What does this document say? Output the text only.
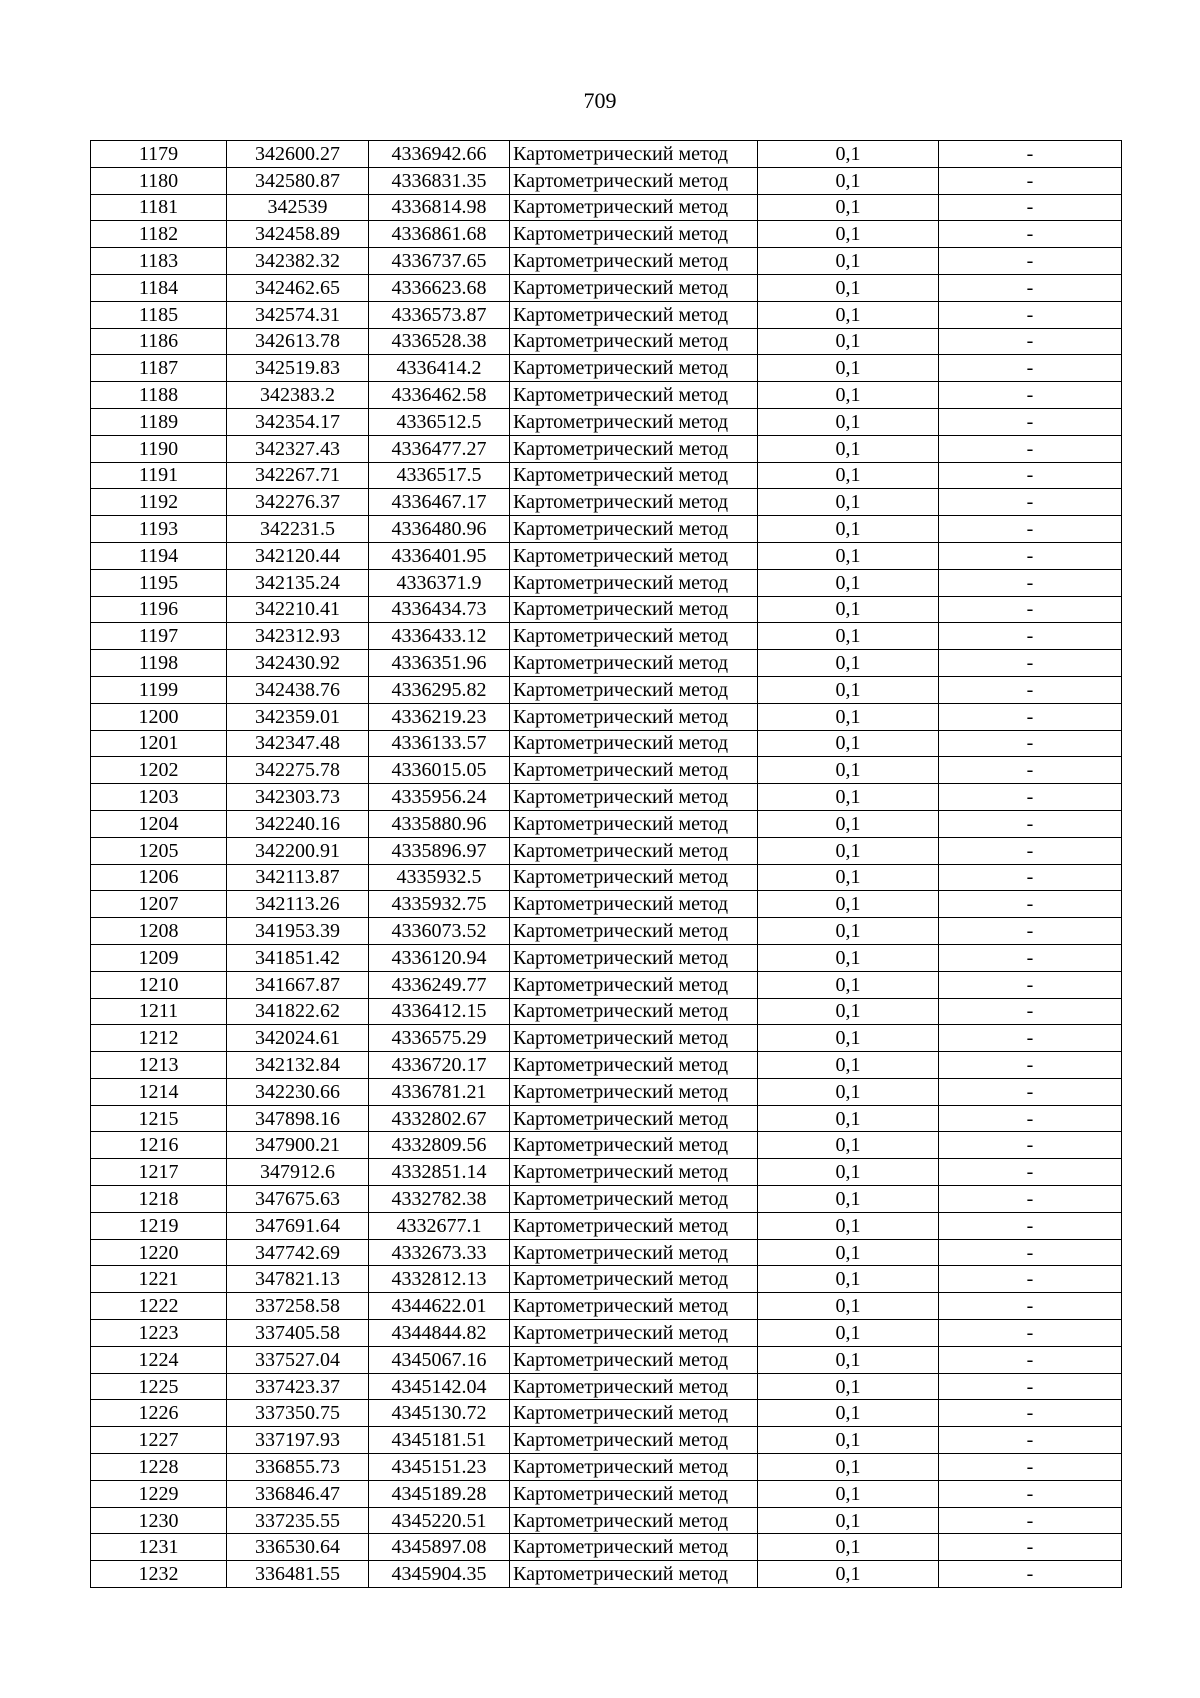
709
1179	342600.27	4336942.66	Картометрический метод	0,1	-
1180	342580.87	4336831.35	Картометрический метод	0,1	-
1181	342539	4336814.98	Картометрический метод	0,1	-
1182	342458.89	4336861.68	Картометрический метод	0,1	-
1183	342382.32	4336737.65	Картометрический метод	0,1	-
1184	342462.65	4336623.68	Картометрический метод	0,1	-
1185	342574.31	4336573.87	Картометрический метод	0,1	-
1186	342613.78	4336528.38	Картометрический метод	0,1	-
1187	342519.83	4336414.2	Картометрический метод	0,1	-
1188	342383.2	4336462.58	Картометрический метод	0,1	-
1189	342354.17	4336512.5	Картометрический метод	0,1	-
1190	342327.43	4336477.27	Картометрический метод	0,1	-
1191	342267.71	4336517.5	Картометрический метод	0,1	-
1192	342276.37	4336467.17	Картометрический метод	0,1	-
1193	342231.5	4336480.96	Картометрический метод	0,1	-
1194	342120.44	4336401.95	Картометрический метод	0,1	-
1195	342135.24	4336371.9	Картометрический метод	0,1	-
1196	342210.41	4336434.73	Картометрический метод	0,1	-
1197	342312.93	4336433.12	Картометрический метод	0,1	-
1198	342430.92	4336351.96	Картометрический метод	0,1	-
1199	342438.76	4336295.82	Картометрический метод	0,1	-
1200	342359.01	4336219.23	Картометрический метод	0,1	-
1201	342347.48	4336133.57	Картометрический метод	0,1	-
1202	342275.78	4336015.05	Картометрический метод	0,1	-
1203	342303.73	4335956.24	Картометрический метод	0,1	-
1204	342240.16	4335880.96	Картометрический метод	0,1	-
1205	342200.91	4335896.97	Картометрический метод	0,1	-
1206	342113.87	4335932.5	Картометрический метод	0,1	-
1207	342113.26	4335932.75	Картометрический метод	0,1	-
1208	341953.39	4336073.52	Картометрический метод	0,1	-
1209	341851.42	4336120.94	Картометрический метод	0,1	-
1210	341667.87	4336249.77	Картометрический метод	0,1	-
1211	341822.62	4336412.15	Картометрический метод	0,1	-
1212	342024.61	4336575.29	Картометрический метод	0,1	-
1213	342132.84	4336720.17	Картометрический метод	0,1	-
1214	342230.66	4336781.21	Картометрический метод	0,1	-
1215	347898.16	4332802.67	Картометрический метод	0,1	-
1216	347900.21	4332809.56	Картометрический метод	0,1	-
1217	347912.6	4332851.14	Картометрический метод	0,1	-
1218	347675.63	4332782.38	Картометрический метод	0,1	-
1219	347691.64	4332677.1	Картометрический метод	0,1	-
1220	347742.69	4332673.33	Картометрический метод	0,1	-
1221	347821.13	4332812.13	Картометрический метод	0,1	-
1222	337258.58	4344622.01	Картометрический метод	0,1	-
1223	337405.58	4344844.82	Картометрический метод	0,1	-
1224	337527.04	4345067.16	Картометрический метод	0,1	-
1225	337423.37	4345142.04	Картометрический метод	0,1	-
1226	337350.75	4345130.72	Картометрический метод	0,1	-
1227	337197.93	4345181.51	Картометрический метод	0,1	-
1228	336855.73	4345151.23	Картометрический метод	0,1	-
1229	336846.47	4345189.28	Картометрический метод	0,1	-
1230	337235.55	4345220.51	Картометрический метод	0,1	-
1231	336530.64	4345897.08	Картометрический метод	0,1	-
1232	336481.55	4345904.35	Картометрический метод	0,1	-
